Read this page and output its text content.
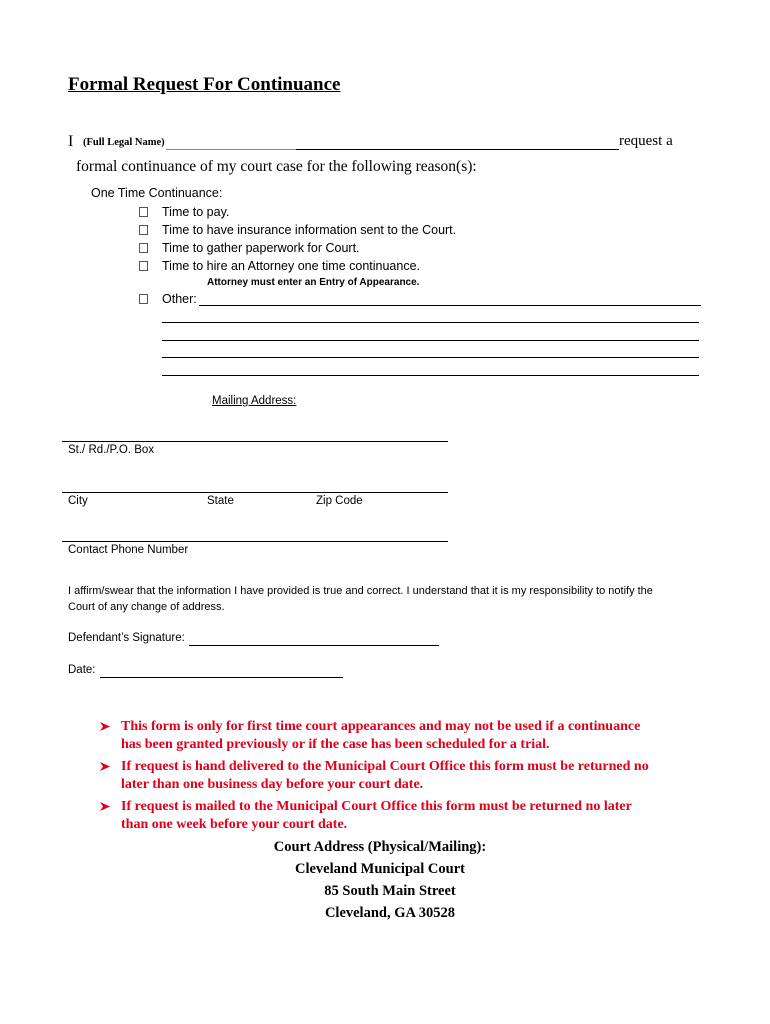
Formal Request For Continuance
I (Full Legal Name)	request a
formal continuance of my court case for the following reason(s):
One Time Continuance:
Time to pay.
Time to have insurance information sent to the Court.
Time to gather paperwork for Court.
Time to hire an Attorney one time continuance.
Attorney must enter an Entry of Appearance.
Other:
Mailing Address:
St./ Rd./P.O. Box
City	State	Zip Code
Contact Phone Number
I affirm/swear that the information I have provided is true and correct. I understand that it is my responsibility to notify the
Court of any change of address.
Defendant’s Signature:
Date:
This form is only for first time court appearances and may not be used if a continuance
has been granted previously or if the case has been scheduled for a trial.
If request is hand delivered to the Municipal Court Office this form must be returned no
later than one business day before your court date.
If request is mailed to the Municipal Court Office this form must be returned no later
than one week before your court date.
Court Address (Physical/Mailing):
Cleveland Municipal Court
85 South Main Street
Cleveland, GA 30528
